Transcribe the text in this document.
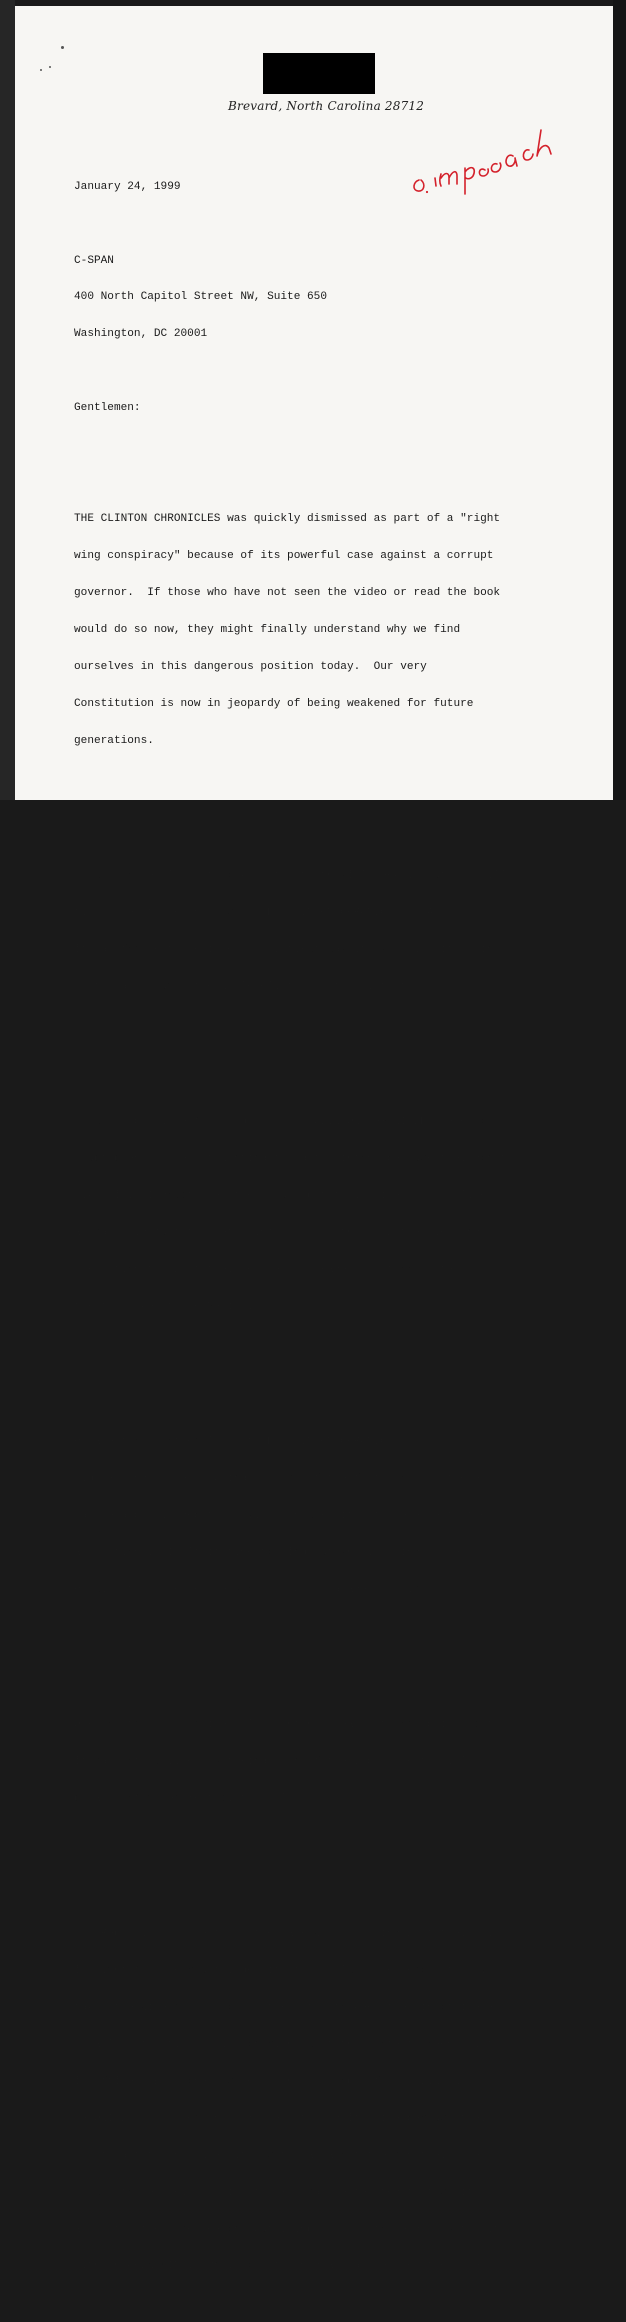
Brevard, North Carolina 28712

January 24, 1999

C-SPAN

400 North Capitol Street NW, Suite 650

Washington, DC 20001

Gentlemen:

THE CLINTON CHRONICLES was quickly dismissed as part of a "right

wing conspiracy" because of its powerful case against a corrupt

governor.  If those who have not seen the video or read the book

would do so now, they might finally understand why we find

ourselves in this dangerous position today.  Our very

Constitution is now in jeopardy of being weakened for future

generations.

Those who really want to know the truth will seek it out and will

find some of the answers in THE CLINTON CHRONICLES.  As hard as

it was for me to believe when I first saw it, watching it again

yesterday brought the whole Clinton picture into focus.

Those responsible for producing THE CLINTON CHRONICLES have no

doubt been accused of wanting to "get Clinton" because they don't

like him.  I doubt that they would put their lives on the line

as many did just to "get" him; clearly, they saw the lies and

corruption for what they were and courageously took a stand

for the sake of the Nation.

Please take another look at THE CLINTON CHRONICLES (book or

video), and at least bring up some of the facts so that there

can be a public debate, giving exposure if not credence to the

accusations.  Isn't it time to find out who is lying?  The

President or the people who have been damaged by him?

Our country may survive Bill Clinton's years of corruption, but

it may not survive a watering down of the Impeachment Trial

because of government by the polls.

The Republicans have taken the narrow road, doing what they think

is right for the country despite the polls.  The Democrats have

taken the wide road, looking for votes to keep them in office and

clearly not voting their consciences if they vote to keep Clinton

in office.  Each one has been handed a copy of THE CLINTON

CHRONICLES, and perhaps some have tossed it aside because they

don't want to know what it has to say about the man they have

chosen to be their President.  You may be tempted to toss it

aside for the same reason, but I implore you to read or watch it

with an OPEN MIND.  Only you, the media, can re-open the case
